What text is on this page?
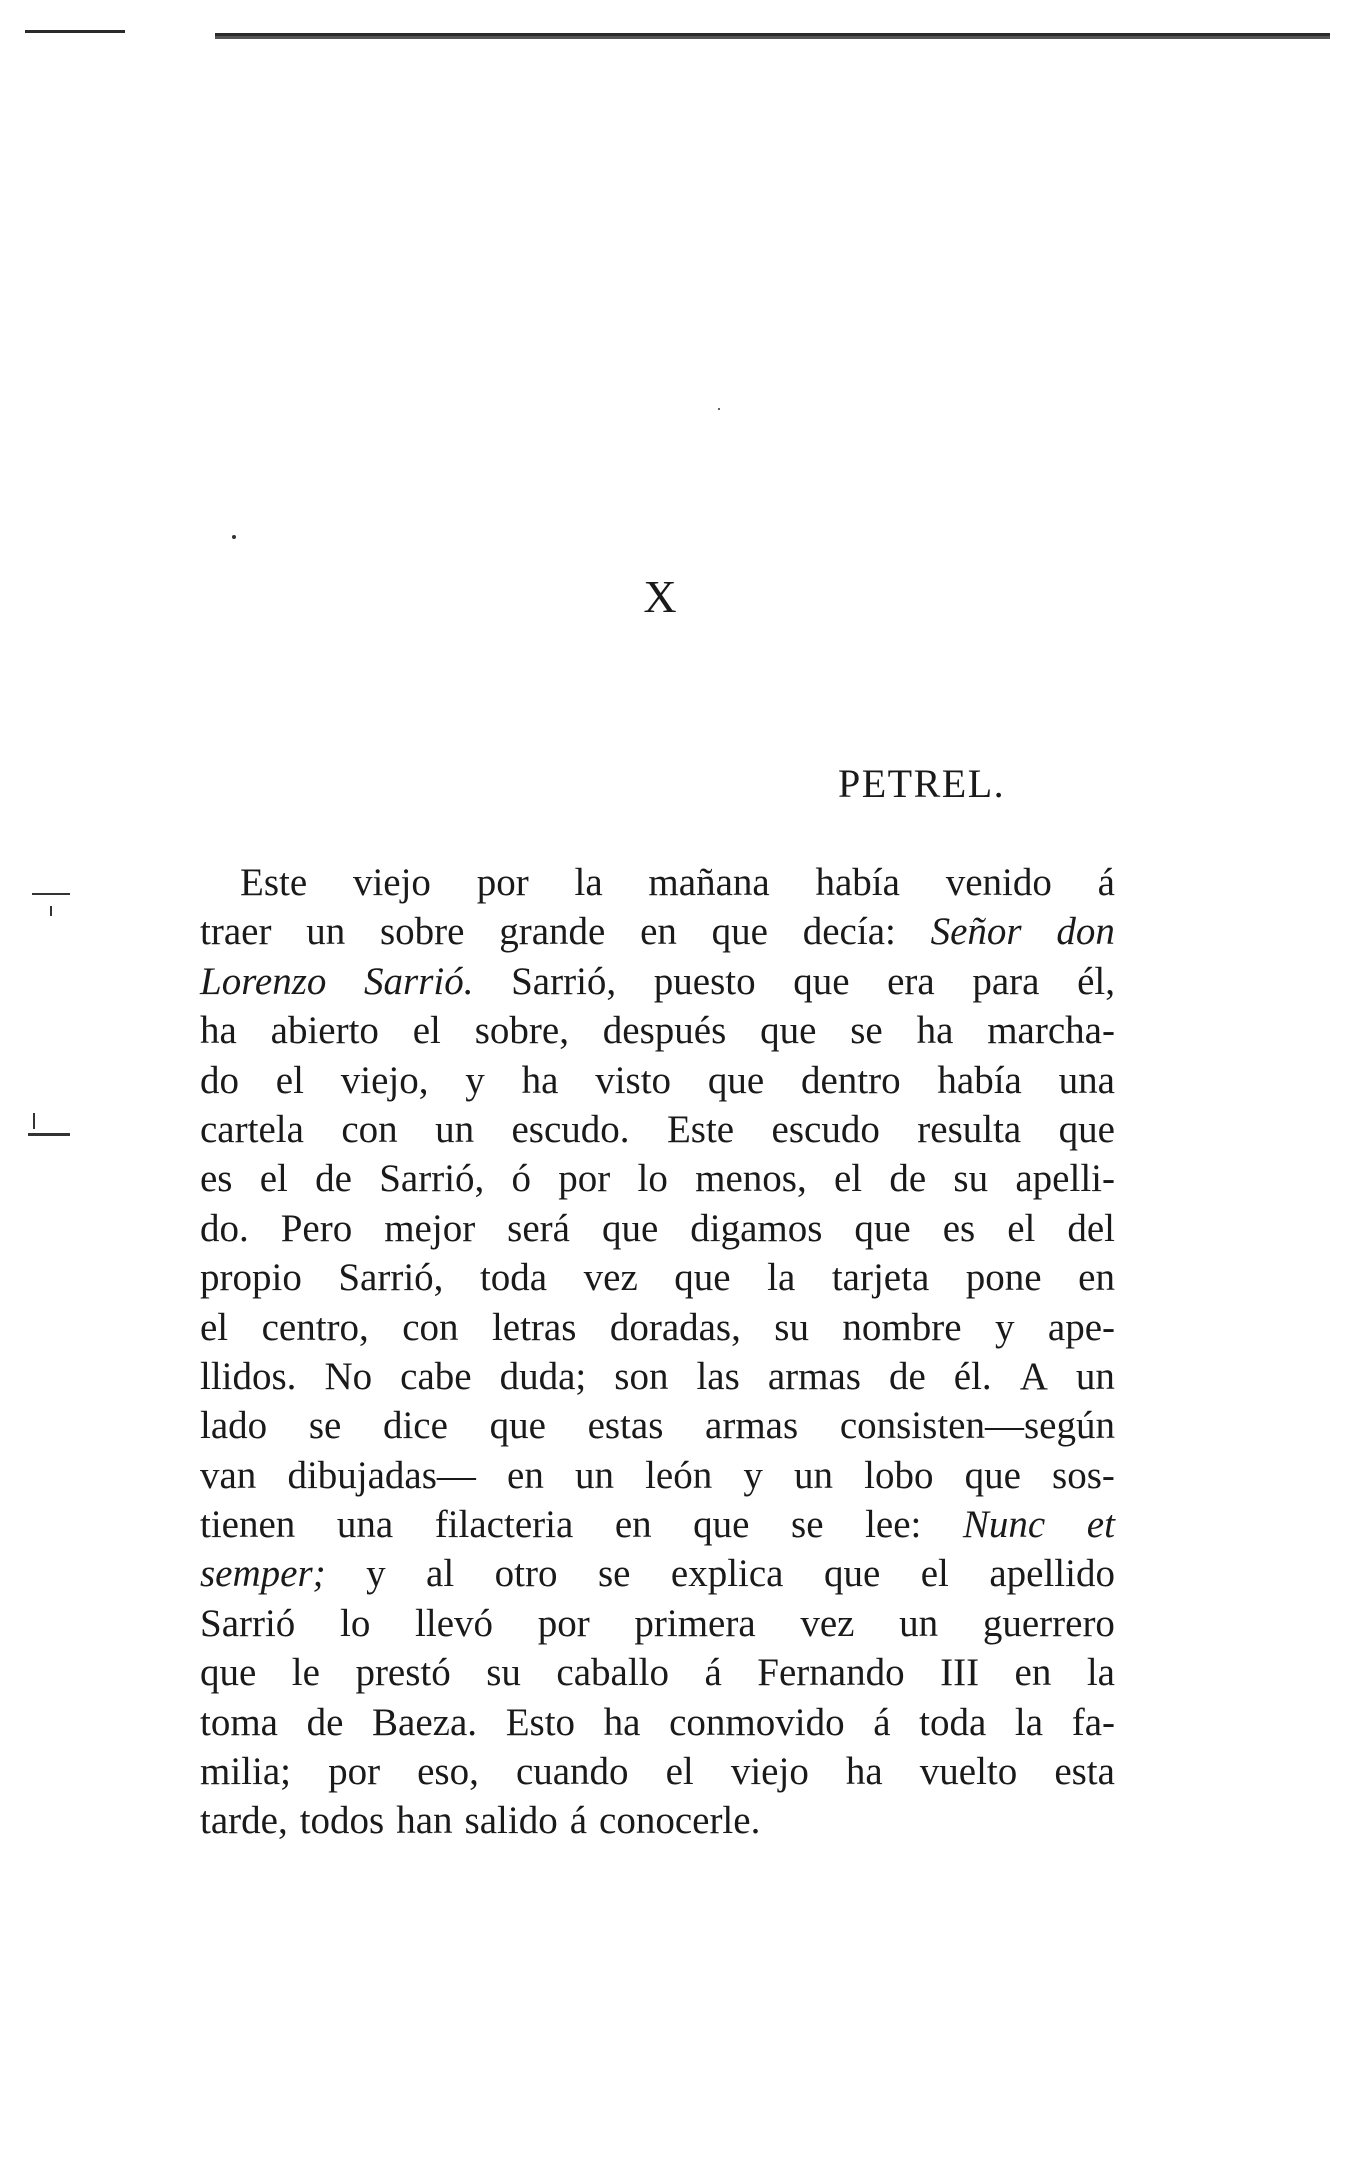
X
PETREL.
Este viejo por la mañana había venido á
traer un sobre grande en que decía: Señor don
Lorenzo Sarrió. Sarrió, puesto que era para él,
ha abierto el sobre, después que se ha marcha-
do el viejo, y ha visto que dentro había una
cartela con un escudo. Este escudo resulta que
es el de Sarrió, ó por lo menos, el de su apelli-
do. Pero mejor será que digamos que es el del
propio Sarrió, toda vez que la tarjeta pone en
el centro, con letras doradas, su nombre y ape-
llidos. No cabe duda; son las armas de él. A un
lado se dice que estas armas consisten—según
van dibujadas— en un león y un lobo que sos-
tienen una filacteria en que se lee: Nunc et
semper; y al otro se explica que el apellido
Sarrió lo llevó por primera vez un guerrero
que le prestó su caballo á Fernando III en la
toma de Baeza. Esto ha conmovido á toda la fa-
milia; por eso, cuando el viejo ha vuelto esta
tarde, todos han salido á conocerle.
